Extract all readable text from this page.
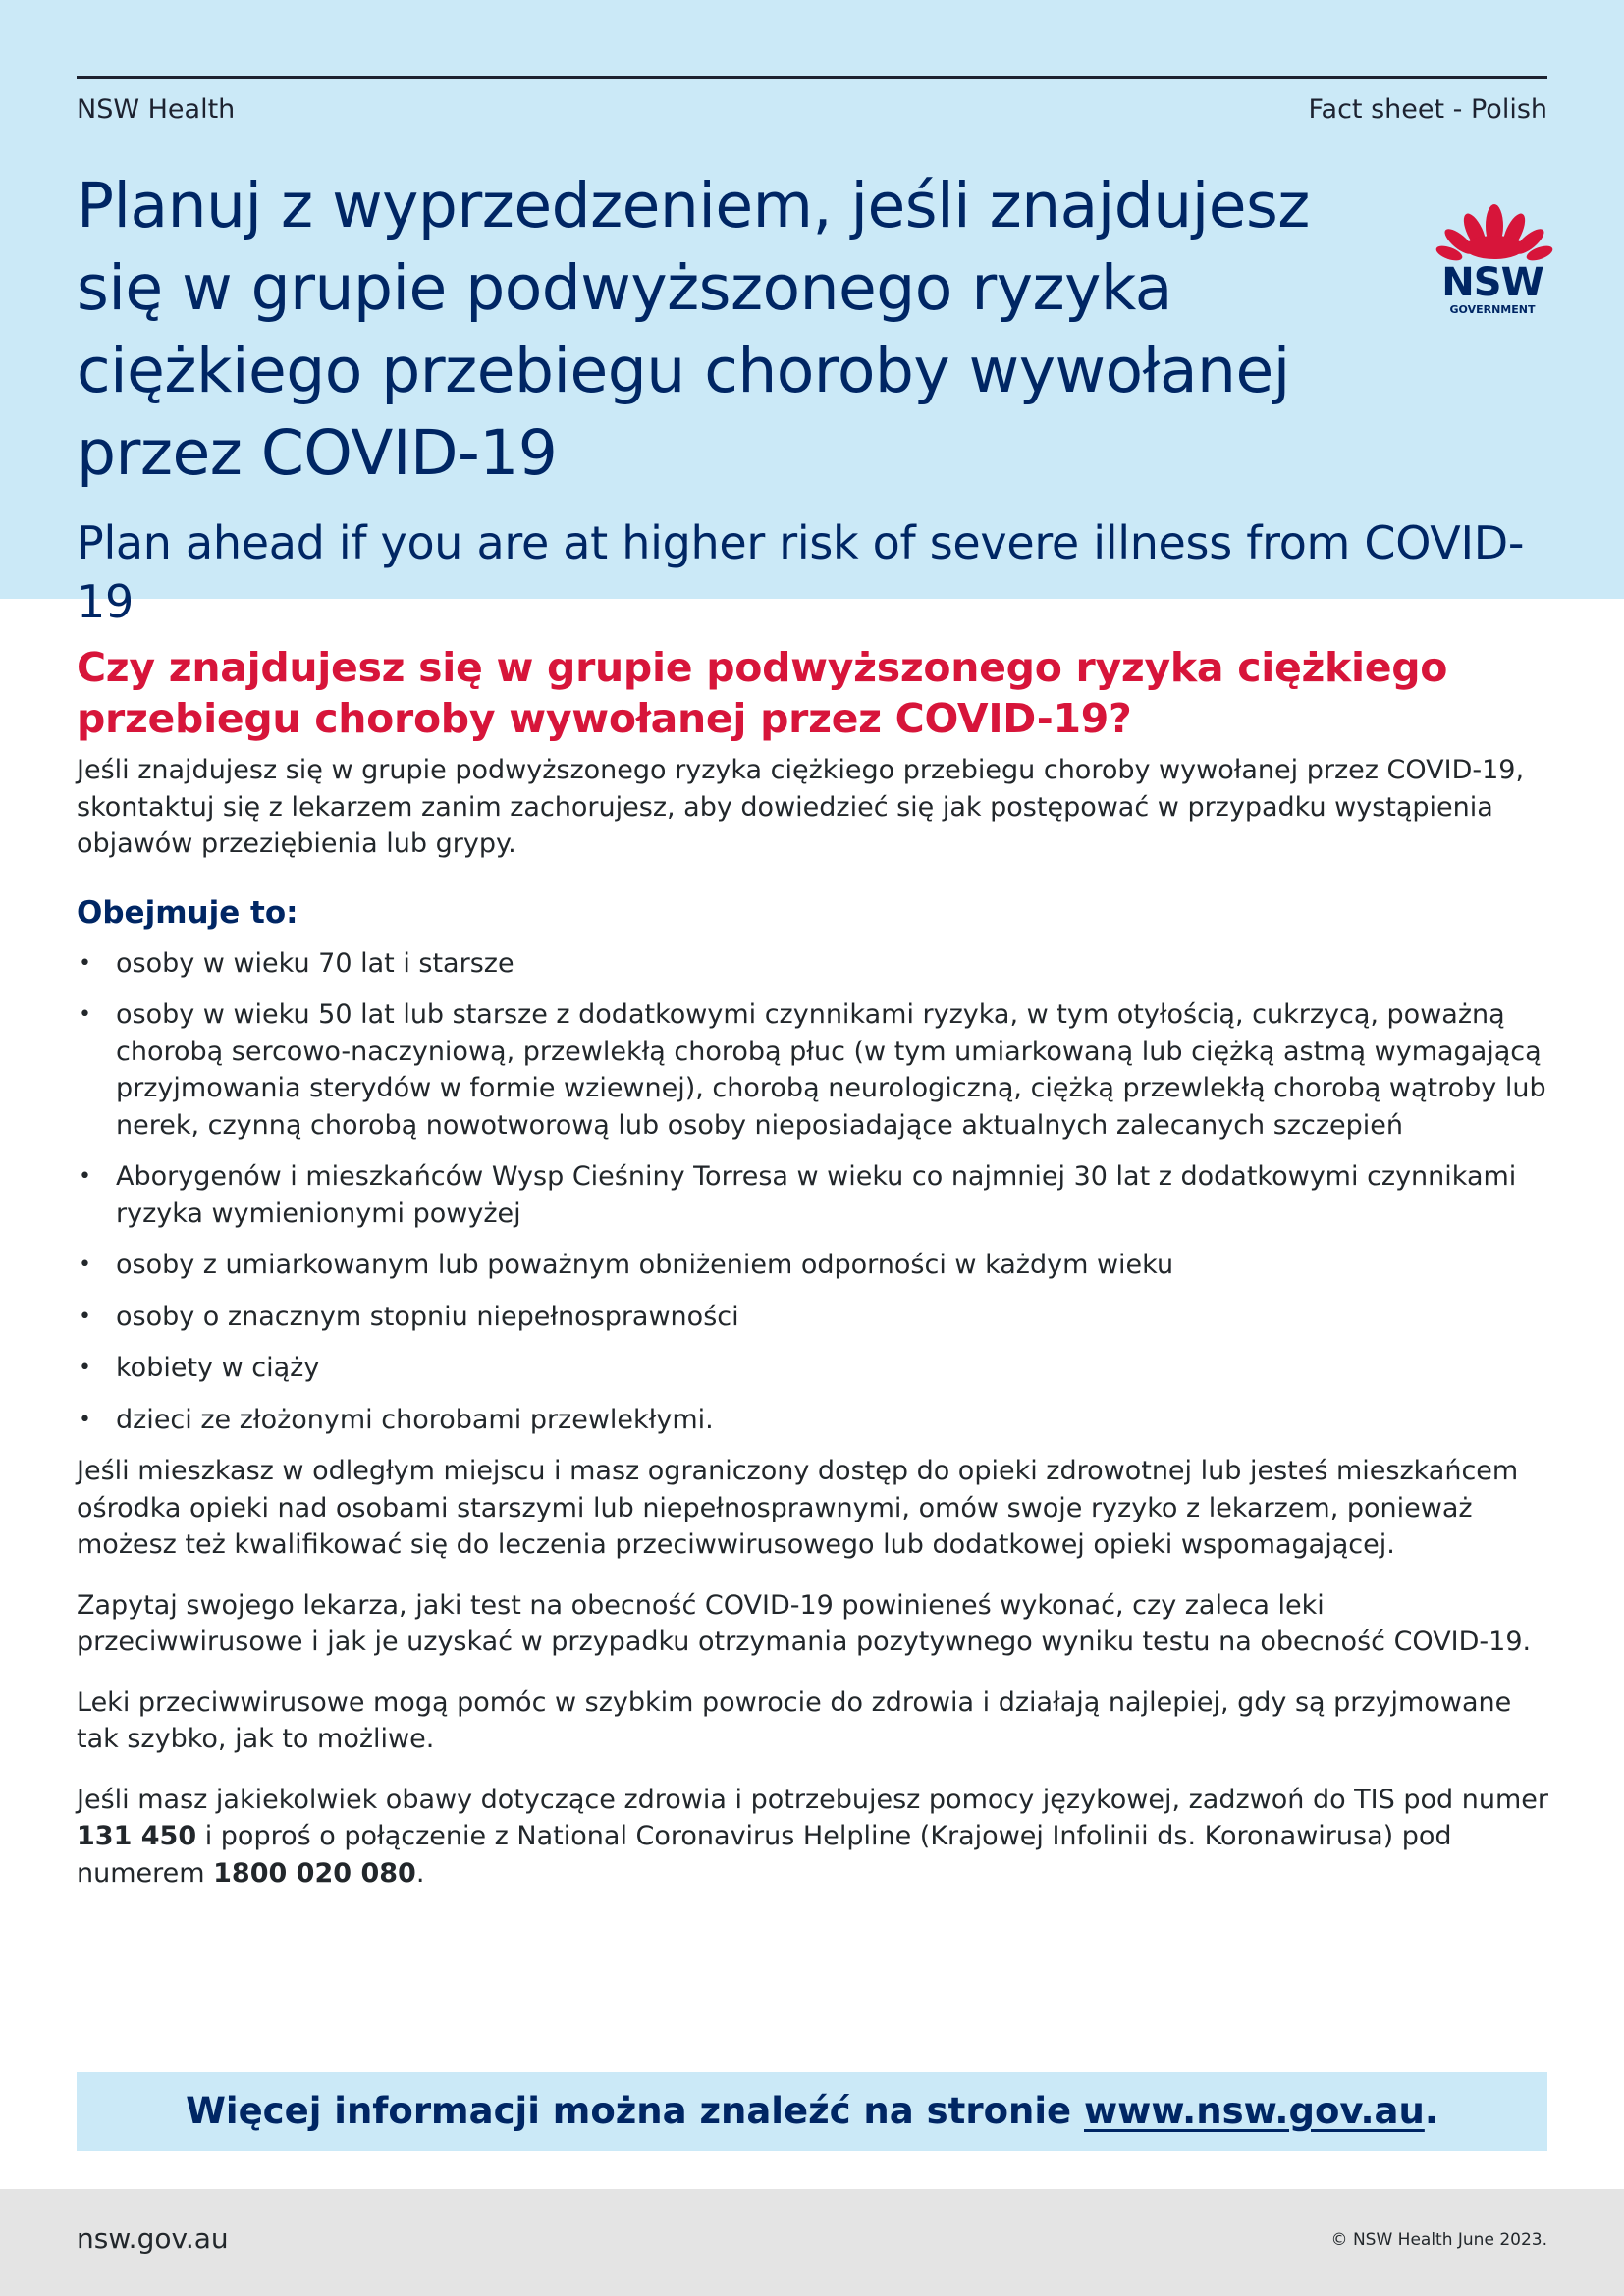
NSW Health	Fact sheet - Polish
Planuj z wyprzedzeniem, jeśli znajdujesz
się w grupie podwyższonego ryzyka
ciężkiego przebiegu choroby wywołanej
przez COVID-19
Plan ahead if you are at higher risk of severe illness from COVID-19
NSW
GOVERNMENT
Czy znajdujesz się w grupie podwyższonego ryzyka ciężkiego
przebiegu choroby wywołanej przez COVID-19?

Jeśli znajdujesz się w grupie podwyższonego ryzyka ciężkiego przebiegu choroby wywołanej przez COVID-19, skontaktuj się z lekarzem zanim zachorujesz, aby dowiedzieć się jak postępować w przypadku wystąpienia objawów przeziębienia lub grypy.

Obejmuje to:
• osoby w wieku 70 lat i starsze
• osoby w wieku 50 lat lub starsze z dodatkowymi czynnikami ryzyka, w tym otyłością, cukrzycą, poważną chorobą sercowo-naczyniową, przewlekłą chorobą płuc (w tym umiarkowaną lub ciężką astmą wymagającą przyjmowania sterydów w formie wziewnej), chorobą neurologiczną, ciężką przewlekłą chorobą wątroby lub nerek, czynną chorobą nowotworową lub osoby nieposiadające aktualnych zalecanych szczepień
• Aborygenów i mieszkańców Wysp Cieśniny Torresa w wieku co najmniej 30 lat z dodatkowymi czynnikami ryzyka wymienionymi powyżej
• osoby z umiarkowanym lub poważnym obniżeniem odporności w każdym wieku
• osoby o znacznym stopniu niepełnosprawności
• kobiety w ciąży
• dzieci ze złożonymi chorobami przewlekłymi.

Jeśli mieszkasz w odległym miejscu i masz ograniczony dostęp do opieki zdrowotnej lub jesteś mieszkańcem ośrodka opieki nad osobami starszymi lub niepełnosprawnymi, omów swoje ryzyko z lekarzem, ponieważ możesz też kwalifikować się do leczenia przeciwwirusowego lub dodatkowej opieki wspomagającej.

Zapytaj swojego lekarza, jaki test na obecność COVID-19 powinieneś wykonać, czy zaleca leki przeciwwirusowe i jak je uzyskać w przypadku otrzymania pozytywnego wyniku testu na obecność COVID-19.

Leki przeciwwirusowe mogą pomóc w szybkim powrocie do zdrowia i działają najlepiej, gdy są przyjmowane tak szybko, jak to możliwe.

Jeśli masz jakiekolwiek obawy dotyczące zdrowia i potrzebujesz pomocy językowej, zadzwoń do TIS pod numer 131 450 i poproś o połączenie z National Coronavirus Helpline (Krajowej Infolinii ds. Koronawirusa) pod numerem 1800 020 080.

Więcej informacji można znaleźć na stronie www.nsw.gov.au.
nsw.gov.au	© NSW Health June 2023.
